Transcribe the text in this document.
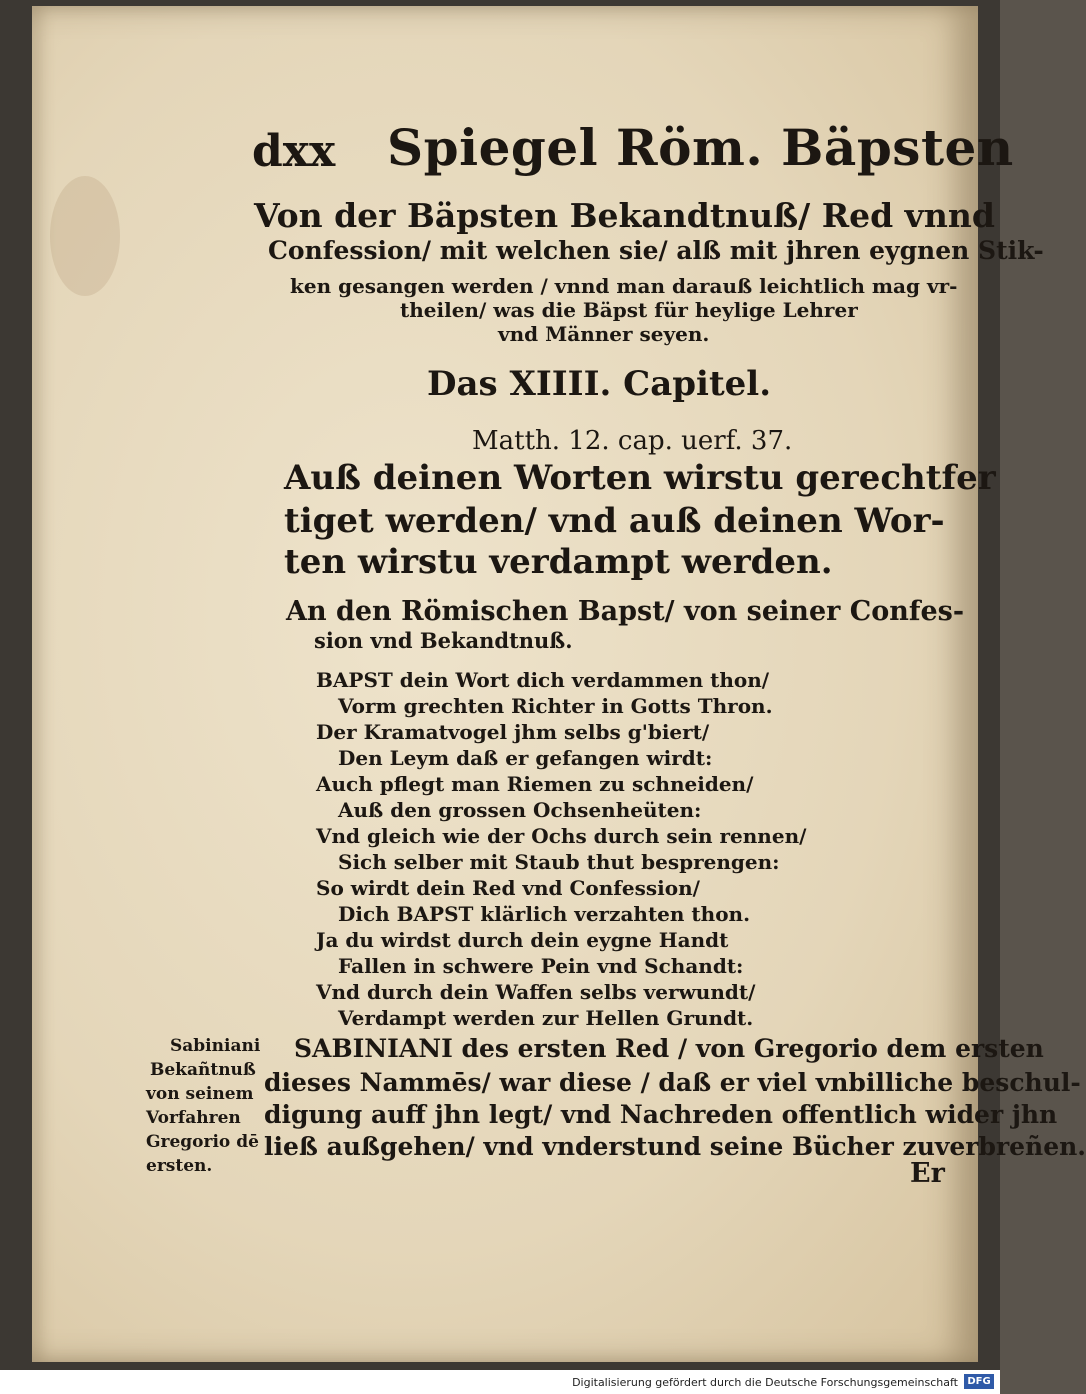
dxx Spiegel Röm. Bäpsten
Von der Bäpsten Bekandtnuß/ Red vnnd
Confession/ mit welchen sie/ alß mit jhren eygnen Stik-
ken gesangen werden / vnnd man darauß leichtlich mag vr-
theilen/ was die Bäpst für heylige Lehrer
vnd Männer seyen.
Das XIIII. Capitel.
Matth. 12. cap. uerf. 37.
Auß deinen Worten wirstu gerechtfer
tiget werden/ vnd auß deinen Wor-
ten wirstu verdampt werden.
An den Römischen Bapst/ von seiner Confes-
sion vnd Bekandtnuß.
BAPST dein Wort dich verdammen thon/
Vorm grechten Richter in Gotts Thron.
Der Kramatvogel jhm selbs g'biert/
Den Leym daß er gefangen wirdt:
Auch pflegt man Riemen zu schneiden/
Auß den grossen Ochsenheüten:
Vnd gleich wie der Ochs durch sein rennen/
Sich selber mit Staub thut besprengen:
So wirdt dein Red vnd Confession/
Dich BAPST klärlich verzahten thon.
Ja du wirdst durch dein eygne Handt
Fallen in schwere Pein vnd Schandt:
Vnd durch dein Waffen selbs verwundt/
Verdampt werden zur Hellen Grundt.
Sabiniani
Bekañtnuß
von seinem
Vorfahren
Gregorio dē
ersten.
SABINIANI des ersten Red / von Gregorio dem ersten
dieses Nammēs/ war diese / daß er viel vnbilliche beschul-
digung auff jhn legt/ vnd Nachreden offentlich wider jhn
ließ außgehen/ vnd vnderstund seine Bücher zuverbreñen.
Er
Digitalisierung gefördert durch die Deutsche Forschungsgemeinschaft DFG
